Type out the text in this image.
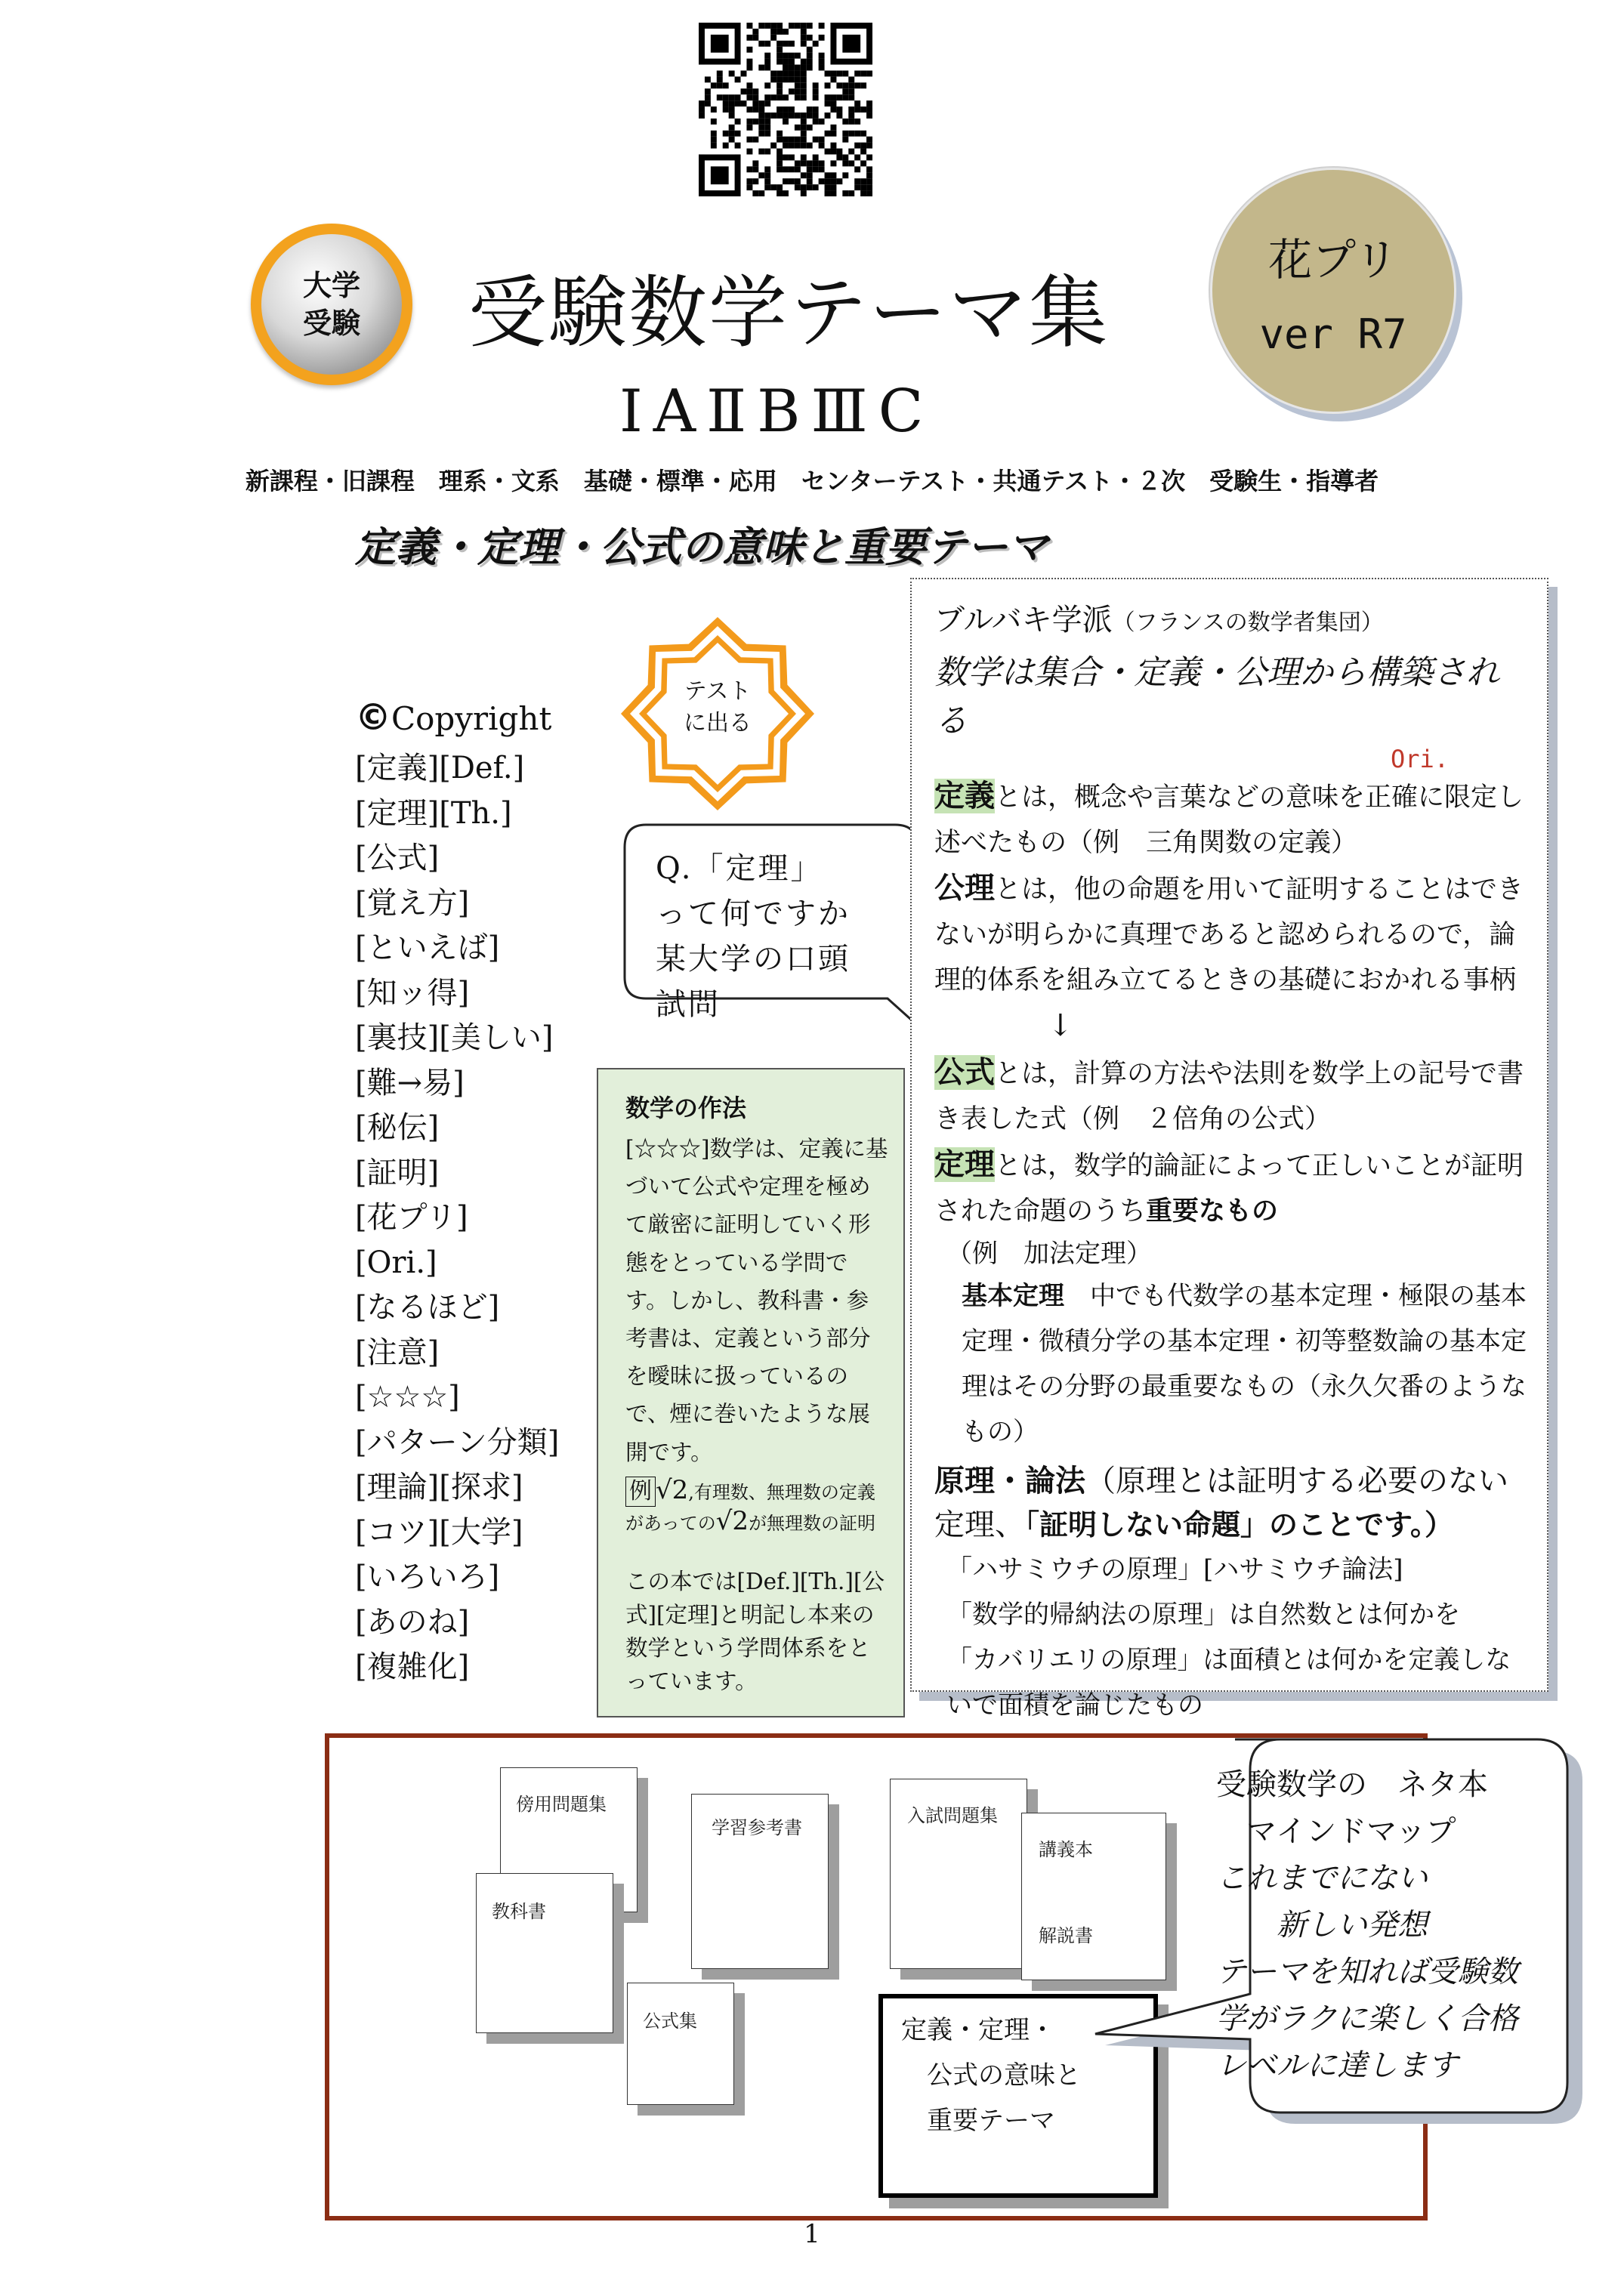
大学
受験 受験数学テーマ集
花プリ
ver R7
ⅠAⅡBⅢC
新課程・旧課程　理系・文系　基礎・標準・応用　センターテスト・共通テスト・２次　受験生・指導者
定義・定理・公式の意味と重要テーマ
©Copyright
[定義][Def.]
[定理][Th.]
[公式]
[覚え方]
[といえば]
[知ッ得]
[裏技][美しい]
[難→易]
[秘伝]
[証明]
[花プリ]
[Ori.]
[なるほど]
[注意]
[☆☆☆]
[パターン分類]
[理論][探求]
[コツ][大学]
[いろいろ]
[あのね]
[複雑化]
テスト
に出る
Q.「定理」
って何ですか
某大学の口頭
試問
数学の作法
[☆☆☆]数学は、定義に基づいて公式や定理を極めて厳密に証明していく形態をとっている学問です。しかし、教科書・参考書は、定義という部分を曖昧に扱っているので、煙に巻いたような展開です。
例 √2,有理数、無理数の定義があっての√2が無理数の証明
この本では[Def.][Th.][公式][定理]と明記し本来の数学という学問体系をとっています。
ブルバキ学派（フランスの数学者集団）
数学は集合・定義・公理から構築される
Ori.
定義とは，概念や言葉などの意味を正確に限定し述べたもの（例　三角関数の定義）
公理とは，他の命題を用いて証明することはできないが明らかに真理であると認められるので，論理的体系を組み立てるときの基礎におかれる事柄↓
公式とは，計算の方法や法則を数学上の記号で書き表した式（例　２倍角の公式）
定理とは，数学的論証によって正しいことが証明された命題のうち重要なもの
（例　加法定理）
基本定理　 中でも代数学の基本定理・極限の基本定理・微積分学の基本定理・初等整数論の基本定理はその分野の最重要なもの（永久欠番のようなもの）
原理・論法（原理とは証明する必要のない定理、「証明しない命題」のことです。）
「ハサミウチの原理」[ハサミウチ論法]
「数学的帰納法の原理」は自然数とは何かを
「カバリエリの原理」は面積とは何かを定義しないで面積を論じたもの
傍用問題集
教科書
学習参考書
公式集
入試問題集
講義本
解説書
定義・定理・
公式の意味と
重要テーマ
受験数学の　ネタ本
マインドマップ
これまでにない
新しい発想
テーマを知れば受験数
学がラクに楽しく合格
レベルに達します
1
